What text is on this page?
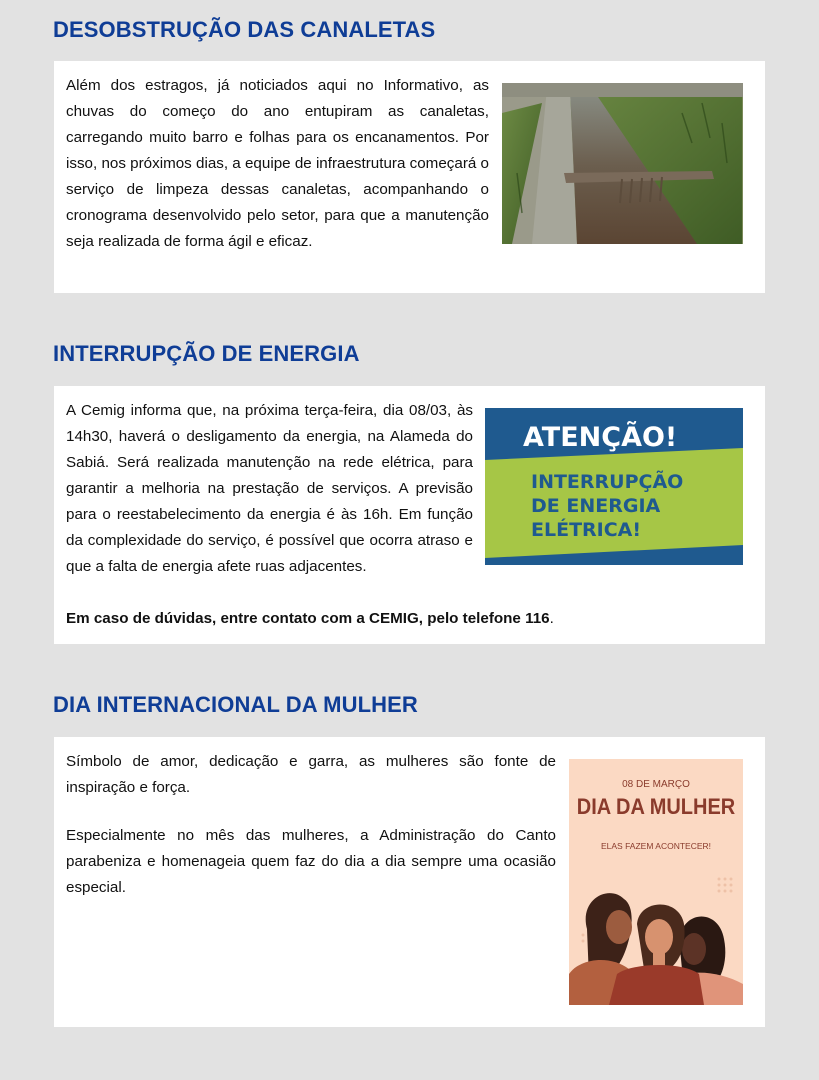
DESOBSTRUÇÃO DAS CANALETAS

Além dos estragos, já noticiados aqui no Informativo, as chuvas do começo do ano entupiram as canaletas, carregando muito barro e folhas para os encanamentos. Por isso, nos próximos dias, a equipe de infraestrutura começará o serviço de limpeza dessas canaletas, acompanhando o cronograma desenvolvido pelo setor, para que a manutenção seja realizada de forma ágil e eficaz.

INTERRUPÇÃO DE ENERGIA

A Cemig informa que, na próxima terça-feira, dia 08/03, às 14h30, haverá o desligamento da energia, na Alameda do Sabiá. Será realizada manutenção na rede elétrica, para garantir a melhoria na prestação de serviços. A previsão para o reestabelecimento da energia é às 16h. Em função da complexidade do serviço, é possível que ocorra atraso e que a falta de energia afete ruas adjacentes.

Em caso de dúvidas, entre contato com a CEMIG, pelo telefone 116.

ATENÇÃO!
INTERRUPÇÃO
DE ENERGIA
ELÉTRICA!
DIA INTERNACIONAL DA MULHER

Símbolo de amor, dedicação e garra, as mulheres são fonte de inspiração e força.

Especialmente no mês das mulheres, a Administração do Canto parabeniza e homenageia quem faz do dia a dia sempre uma ocasião especial.

08 DE MARÇO
DIA DA MULHER
ELAS FAZEM ACONTECER!
